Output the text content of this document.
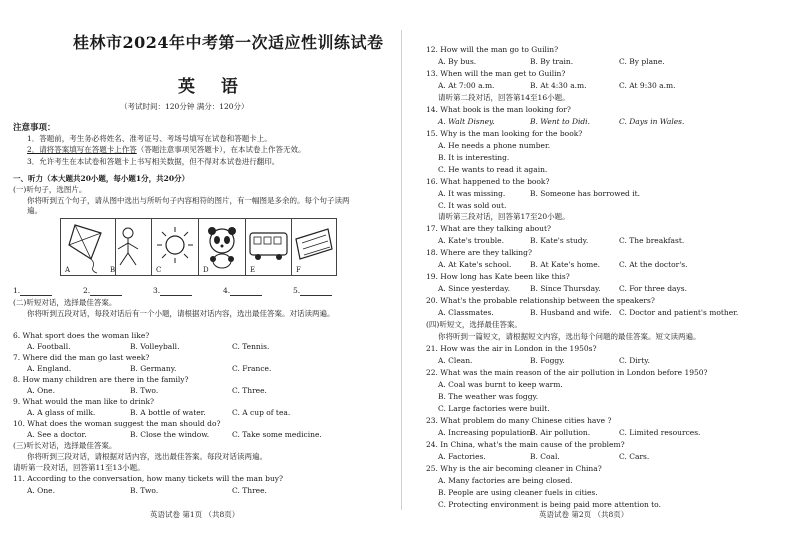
桂林市2024年中考第一次适应性训练试卷
英 语
（考试时间：120分钟 满分：120分）
注意事项：
1．答题前，考生务必将姓名、准考证号、考场号填写在试卷和答题卡上。
2．请将答案填写在答题卡上作答（答题注意事项见答题卡），在本试卷上作答无效。
3．允许考生在本试卷和答题卡上书写相关数据，但不得对本试卷进行翻印。
一、听力（本大题共20小题，每小题1分，共20分）
(一)听句子，选图片。
你将听到五个句子，请从图中选出与所听句子内容相符的图片，有一幅图是多余的。每个句子读两遍。
A	B	C	D	E	F
1.	2.	3.	4.	5.
(二)听短对话，选择最佳答案。
你将听到五段对话，每段对话后有一个小题，请根据对话内容，选出最佳答案。对话读两遍。
6. What sport does the woman like?
A. Football.	B. Volleyball.	C. Tennis.
7. Where did the man go last week?
A. England.	B. Germany.	C. France.
8. How many children are there in the family?
A. One.	B. Two.	C. Three.
9. What would the man like to drink?
A. A glass of milk.	B. A bottle of water.	C. A cup of tea.
10. What does the woman suggest the man should do?
A. See a doctor.	B. Close the window.	C. Take some medicine.
(三)听长对话，选择最佳答案。
你将听到三段对话，请根据对话内容，选出最佳答案。每段对话读两遍。
请听第一段对话，回答第11至13小题。
11. According to the conversation, how many tickets will the man buy?
A. One.	B. Two.	C. Three.
英语试卷 第1页 （共8页）
12. How will the man go to Guilin?
A. By bus.	B. By train.	C. By plane.
13. When will the man get to Guilin?
A. At 7:00 a.m.	B. At 4:30 a.m.	C. At 9:30 a.m.
请听第二段对话，回答第14至16小题。
14. What book is the man looking for?
A. Walt Disney.	B. Went to Didi.	C. Days in Wales.
15. Why is the man looking for the book?
A. He needs a phone number.
B. It is interesting.
C. He wants to read it again.
16. What happened to the book?
A. It was missing.	B. Someone has borrowed it.
C. It was sold out.
请听第三段对话，回答第17至20小题。
17. What are they talking about?
A. Kate's trouble.	B. Kate's study.	C. The breakfast.
18. Where are they talking?
A. At Kate's school. B. At Kate's home.	C. At the doctor's.
19. How long has Kate been like this?
A. Since yesterday.	B. Since Thursday. C. For three days.
20. What's the probable relationship between the speakers?
A. Classmates.	B. Husband and wife. C. Doctor and patient's mother.
(四)听短文，选择最佳答案。
你将听到一篇短文，请根据短文内容，选出每个问题的最佳答案。短文读两遍。
21. How was the air in London in the 1950s?
A. Clean.	B. Foggy.	C. Dirty.
22. What was the main reason of the air pollution in London before 1950?
A. Coal was burnt to keep warm.
B. The weather was foggy.
C. Large factories were built.
23. What problem do many Chinese cities have ?
A. Increasing population.
B. Air pollution.	C. Limited resources.
24. In China, what's the main cause of the problem?
A. Factories.	B. Coal.	C. Cars.
25. Why is the air becoming cleaner in China?
A. Many factories are being closed.
B. People are using cleaner fuels in cities.
C. Protecting environment is being paid more attention to.
英语试卷 第2页 （共8页）
